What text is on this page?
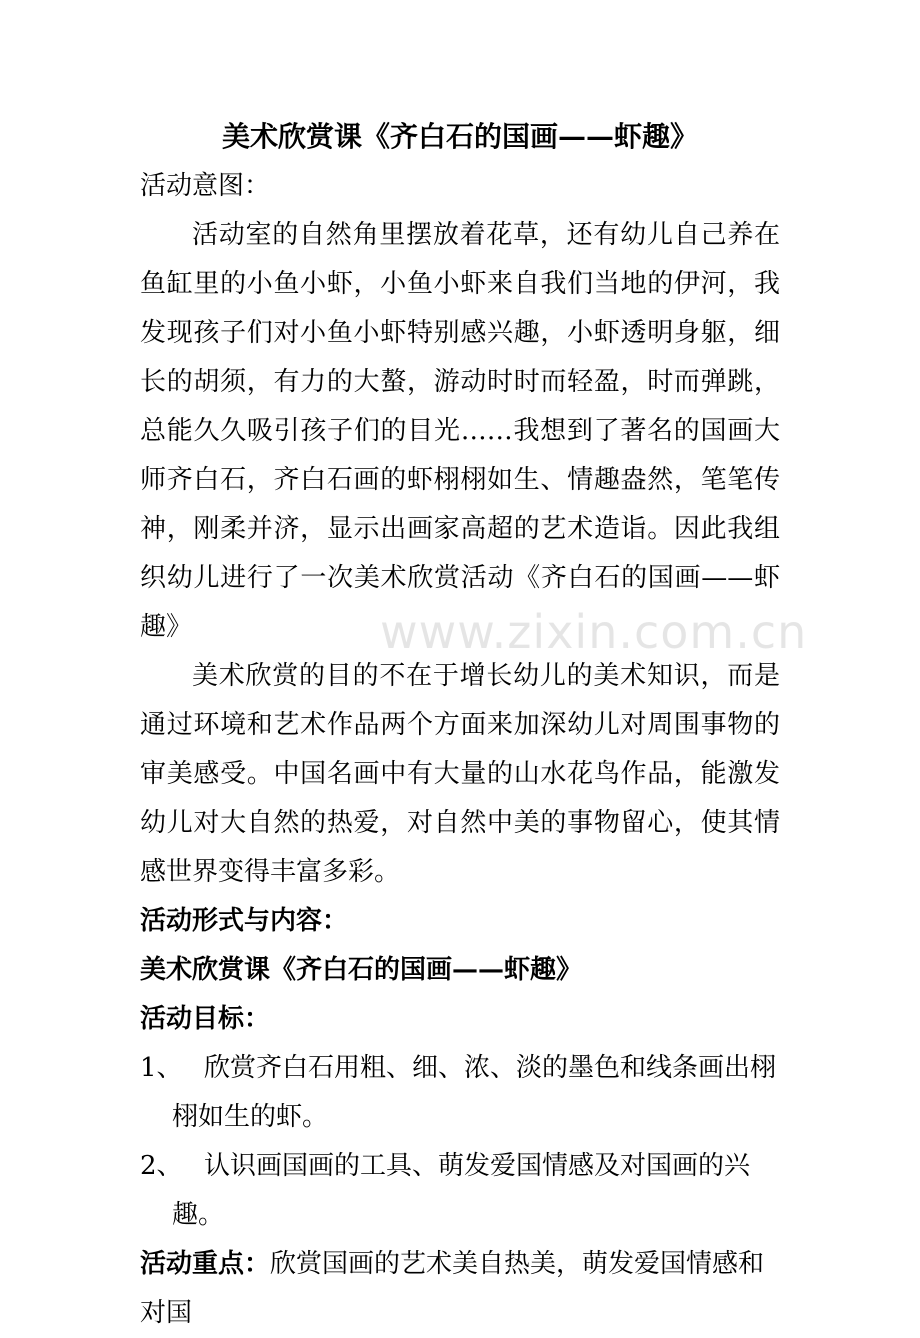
美术欣赏课《齐白石的国画——虾趣》

活动意图：

活动室的自然角里摆放着花草，还有幼儿自己养在鱼缸里的小鱼小虾，小鱼小虾来自我们当地的伊河，我发现孩子们对小鱼小虾特别感兴趣，小虾透明身躯，细长的胡须，有力的大螯，游动时时而轻盈，时而弹跳，总能久久吸引孩子们的目光……我想到了著名的国画大师齐白石，齐白石画的虾栩栩如生、情趣盎然，笔笔传神，刚柔并济，显示出画家高超的艺术造诣。因此我组织幼儿进行了一次美术欣赏活动《齐白石的国画——虾趣》

美术欣赏的目的不在于增长幼儿的美术知识，而是通过环境和艺术作品两个方面来加深幼儿对周围事物的审美感受。中国名画中有大量的山水花鸟作品，能激发幼儿对大自然的热爱，对自然中美的事物留心，使其情感世界变得丰富多彩。

活动形式与内容：

美术欣赏课《齐白石的国画——虾趣》

活动目标：

1、 欣赏齐白石用粗、细、浓、淡的墨色和线条画出栩栩如生的虾。
2、 认识画国画的工具、萌发爱国情感及对国画的兴趣。

活动重点：欣赏国画的艺术美自热美，萌发爱国情感和对国

www.zixin.com.cn
